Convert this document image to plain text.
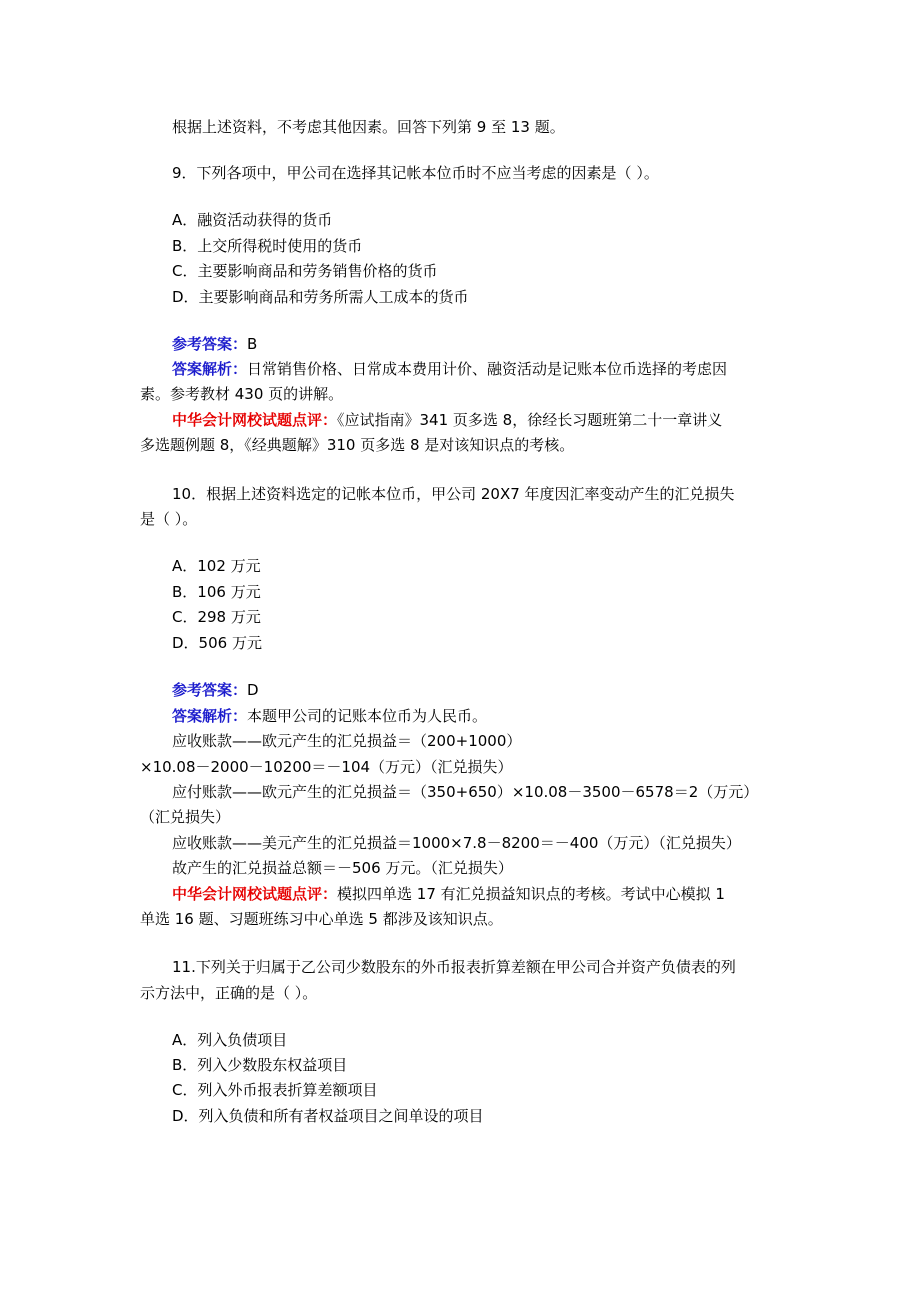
根据上述资料，不考虑其他因素。回答下列第 9 至 13 题。
9．下列各项中，甲公司在选择其记帐本位币时不应当考虑的因素是（ ）。
A．融资活动获得的货币
B．上交所得税时使用的货币
C．主要影响商品和劳务销售价格的货币
D．主要影响商品和劳务所需人工成本的货币
参考答案：B
答案解析：日常销售价格、日常成本费用计价、融资活动是记账本位币选择的考虑因
素。参考教材 430 页的讲解。
中华会计网校试题点评：《应试指南》341 页多选 8，徐经长习题班第二十一章讲义
多选题例题 8，《经典题解》310 页多选 8 是对该知识点的考核。
10．根据上述资料选定的记帐本位币，甲公司 20X7 年度因汇率变动产生的汇兑损失
是（ ）。
A．102 万元
B．106 万元
C．298 万元
D．506 万元
参考答案：D
答案解析：本题甲公司的记账本位币为人民币。
应收账款——欧元产生的汇兑损益＝（200+1000）
×10.08－2000－10200＝－104（万元）（汇兑损失）
应付账款——欧元产生的汇兑损益＝（350+650）×10.08－3500－6578＝2（万元）
（汇兑损失）
应收账款——美元产生的汇兑损益＝1000×7.8－8200＝－400（万元）（汇兑损失）
故产生的汇兑损益总额＝－506 万元。（汇兑损失）
中华会计网校试题点评：模拟四单选 17 有汇兑损益知识点的考核。考试中心模拟 1
单选 16 题、习题班练习中心单选 5 都涉及该知识点。
11.下列关于归属于乙公司少数股东的外币报表折算差额在甲公司合并资产负债表的列
示方法中，正确的是（ ）。
A．列入负债项目
B．列入少数股东权益项目
C．列入外币报表折算差额项目
D．列入负债和所有者权益项目之间单设的项目
